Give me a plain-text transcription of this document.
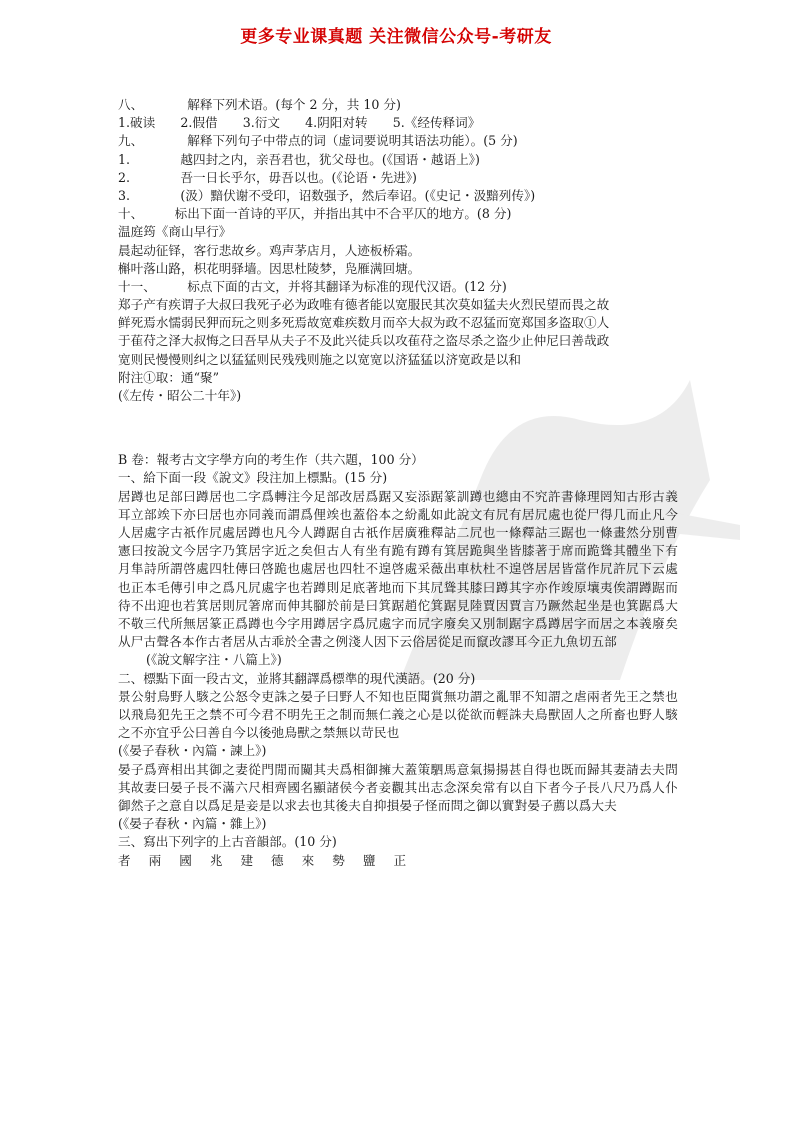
更多专业课真题 关注微信公众号-考研友
八、　　　　解释下列术语。(每个 2 分，共 10 分)
1.破读　　2.假借　　3.衍文　　4.阴阳对转　　5.《经传释词》
九、　　　　解释下列句子中带点的词（虚词要说明其语法功能）。(5 分)
1.　　　　越四封之内，亲吾君也，犹父母也。(《国语・越语上》)
2.　　　　吾一日长乎尔，毋吾以也。(《论语・先进》)
3.　　　　(汲）黯伏谢不受印，诏数强予，然后奉诏。(《史记・汲黯列传》)
十、　　　标出下面一首诗的平仄，并指出其中不合平仄的地方。(8 分)
温庭筠《商山早行》
晨起动征铎，客行悲故乡。鸡声茅店月，人迹板桥霜。
槲叶落山路，枳花明驿墙。因思杜陵梦，凫雁满回塘。
十一、　　　标点下面的古文，并将其翻译为标准的现代汉语。(12 分)
郑子产有疾谓子大叔曰我死子必为政唯有德者能以宽服民其次莫如猛夫火烈民望而畏之故
鲜死焉水懦弱民狎而玩之则多死焉故宽难疾数月而卒大叔为政不忍猛而宽郑国多盗取①人
于萑苻之泽大叔悔之曰吾早从夫子不及此兴徒兵以攻萑苻之盗尽杀之盗少止仲尼曰善哉政
宽则民慢慢则纠之以猛猛则民残残则施之以宽宽以济猛猛以济宽政是以和
附注①取：通“聚”
(《左传・昭公二十年》)
B 卷：報考古文字學方向的考生作（共六題，100 分）
一、給下面一段《說文》段注加上標點。(15 分)
居蹲也足部曰蹲居也二字爲轉注今足部改居爲踞又妄添踞篆訓蹲也總由不究許書條理罔知古形古義耳立部竢下亦曰居也亦同義而謂爲俚竢也蓋俗本之紛亂如此說文有凥有居凥處也從尸得几而止凡今人居處字古祇作凥處居蹲也凡今人蹲踞自古祇作居廣雅釋詁二凥也一條釋詁三踞也一條畫然分別曹憲曰按說文今居字乃箕居字近之矣但古人有坐有跪有蹲有箕居跪與坐皆膝著于席而跪聳其體坐下有月隼詩所謂啓處四牡傳曰啓跪也處居也四牡不遑啓處采薇出車杕杜不遑啓居居皆當作凥許凥下云處也正本毛傳引申之爲凡凥處字也若蹲則足底著地而下其凥聳其膝曰蹲其字亦作竣原壤夷俟謂蹲踞而待不出迎也若箕居則凥箸席而伸其腳於前是曰箕踞趙佗箕踞見陸賈因賈言乃蹶然起坐是也箕踞爲大不敬三代所無居篆正爲蹲也今字用蹲居字爲凥處字而凥字廢矣又別制踞字爲蹲居字而居之本義廢矣从尸古聲各本作古者居从古乖於全書之例淺人因下云俗居從足而竄改謬耳今正九魚切五部
(《說文解字注・八篇上》)
二、標點下面一段古文，並將其翻譯爲標準的現代漢語。(20 分)
景公射鳥野人駭之公怒令吏誅之晏子曰野人不知也臣聞賞無功謂之亂罪不知謂之虐兩者先王之禁也以飛鳥犯先王之禁不可今君不明先王之制而無仁義之心是以從欲而輕誅夫鳥獸固人之所畜也野人駭之不亦宜乎公曰善自今以後弛鳥獸之禁無以苛民也
(《晏子春秋・內篇・諫上》)
晏子爲齊相出其御之妻從門閒而闚其夫爲相御擁大蓋策駟馬意氣揚揚甚自得也既而歸其妻請去夫問其故妻曰晏子長不滿六尺相齊國名顯諸侯今者妾觀其出志念深矣常有以自下者今子長八尺乃爲人仆御然子之意自以爲足是妾是以求去也其後夫自抑損晏子怪而問之御以實對晏子薦以爲大夫
(《晏子春秋・內篇・雜上》)
三、寫出下列字的上古音韻部。(10 分)
者 兩 國 兆 建 德 來 勢 鹽 正
